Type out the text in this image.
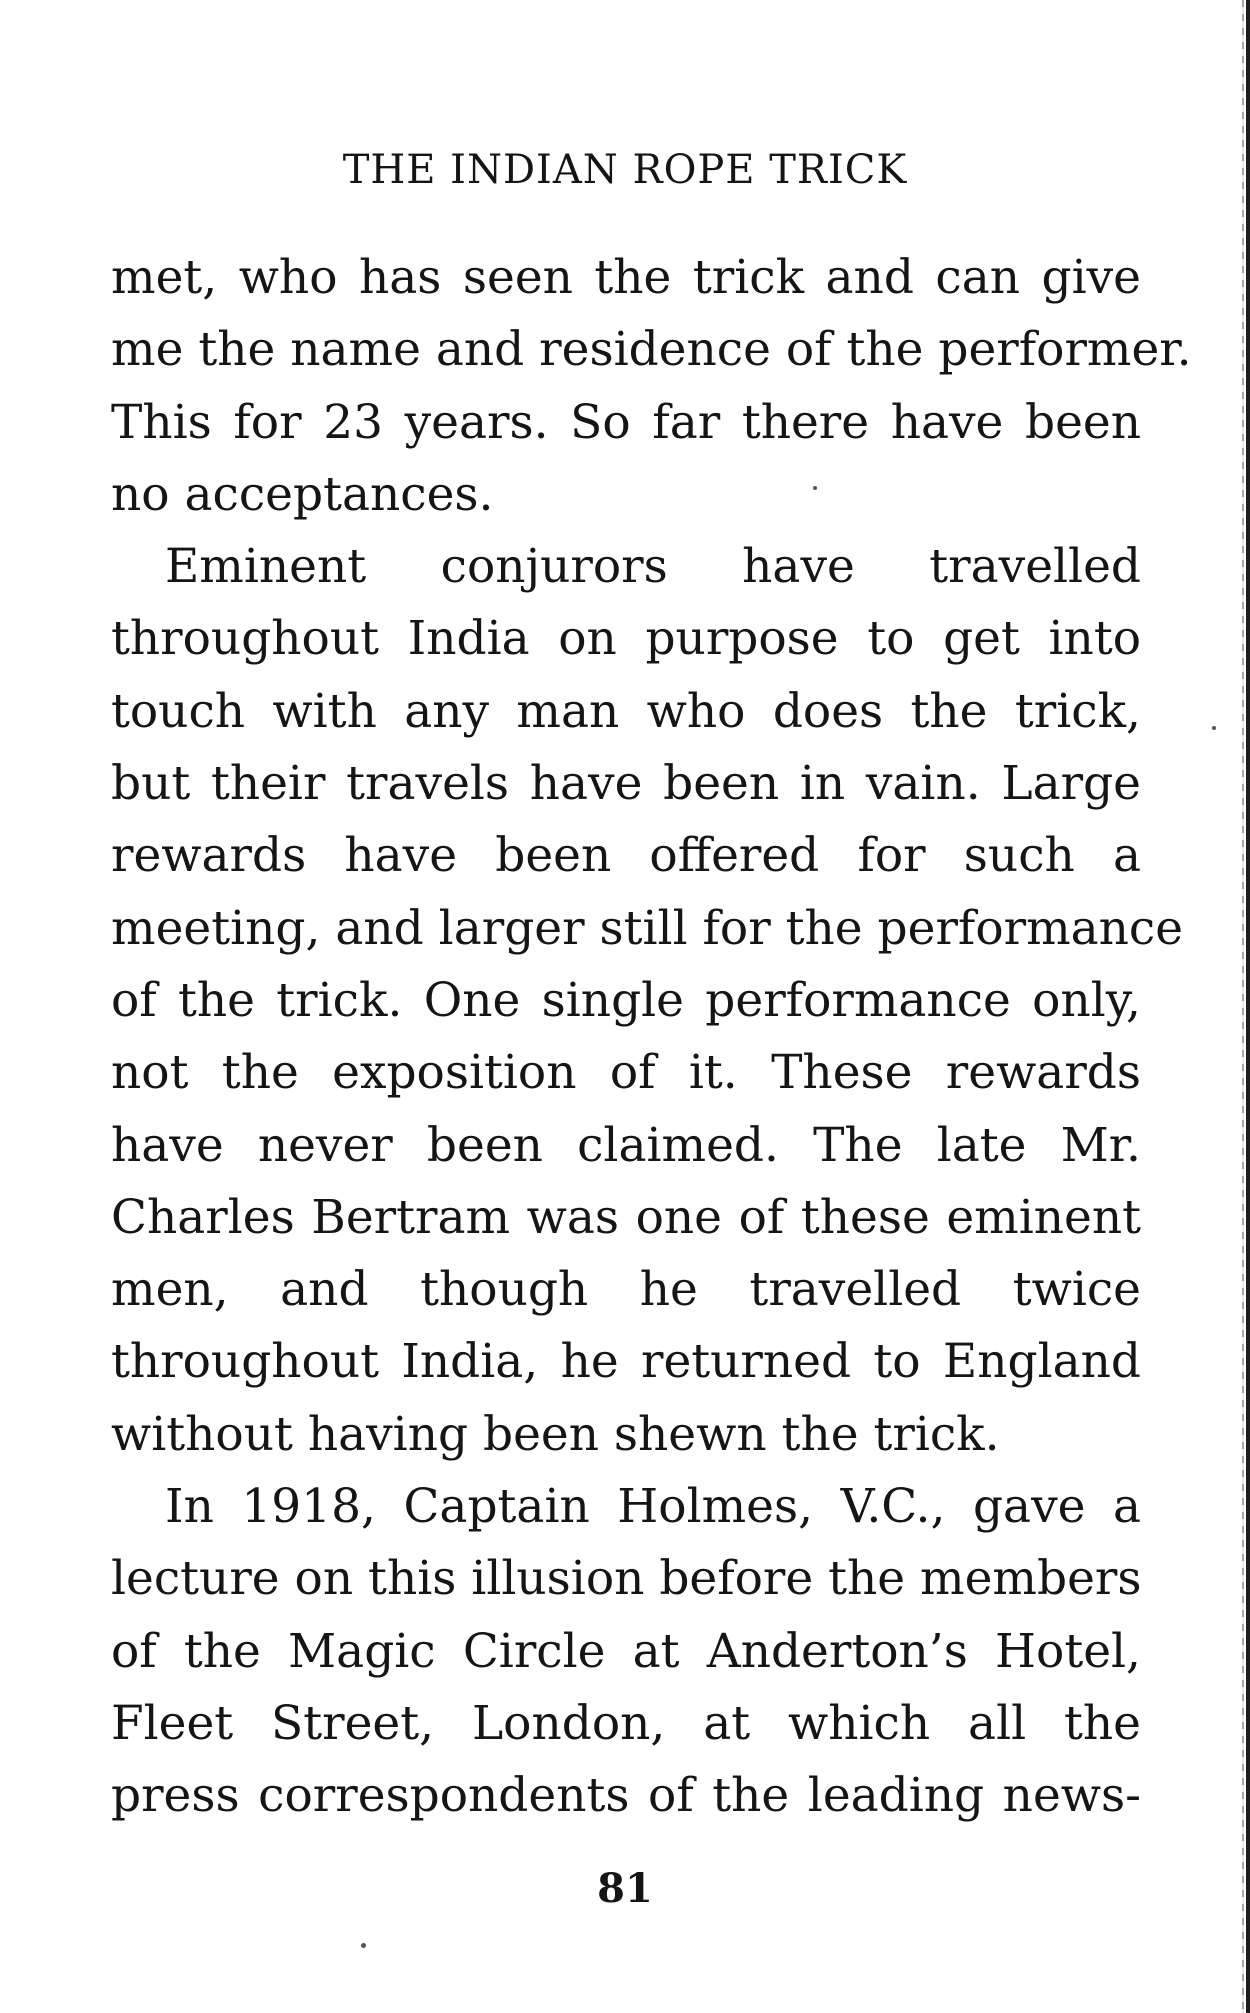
THE INDIAN ROPE TRICK

met, who has seen the trick and can give
me the name and residence of the performer.
This for 23 years. So far there have been
no acceptances.

Eminent conjurors have travelled
throughout India on purpose to get into
touch with any man who does the trick,
but their travels have been in vain. Large
rewards have been offered for such a
meeting, and larger still for the performance
of the trick. One single performance only,
not the exposition of it. These rewards
have never been claimed. The late Mr.
Charles Bertram was one of these eminent
men, and though he travelled twice
throughout India, he returned to England
without having been shewn the trick.

In 1918, Captain Holmes, V.C., gave a
lecture on this illusion before the members
of the Magic Circle at Anderton’s Hotel,
Fleet Street, London, at which all the
press correspondents of the leading news-

81
